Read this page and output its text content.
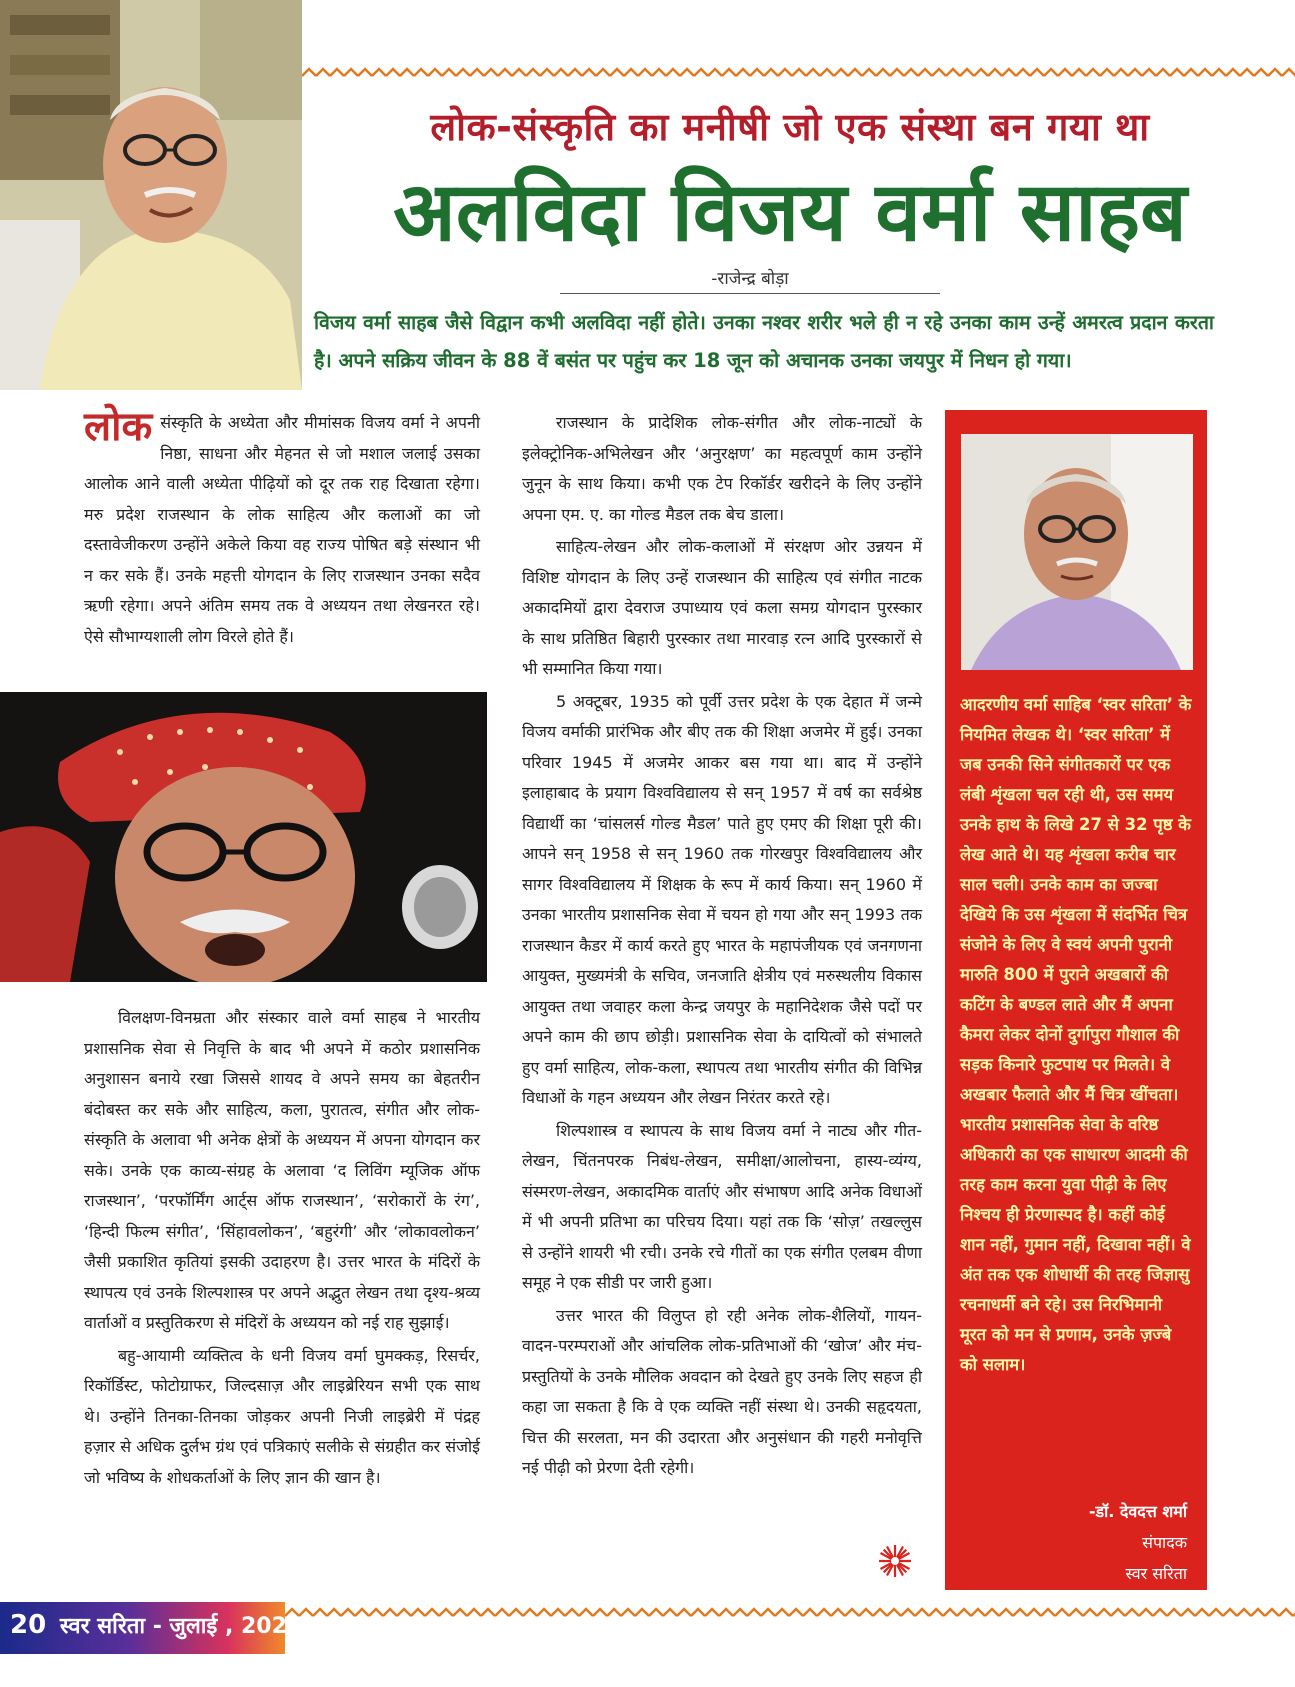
लोक-संस्कृति का मनीषी जो एक संस्था बन गया था
अलविदा विजय वर्मा साहब
-राजेन्द्र बोड़ा
विजय वर्मा साहब जैसे विद्वान कभी अलविदा नहीं होते। उनका नश्वर शरीर भले ही न रहे उनका काम उन्हें अमरत्व प्रदान करता है। अपने सक्रिय जीवन के 88 वें बसंत पर पहुंच कर 18 जून को अचानक उनका जयपुर में निधन हो गया।

लोक संस्कृति के अध्येता और मीमांसक विजय वर्मा ने अपनी निष्ठा, साधना और मेहनत से जो मशाल जलाई उसका आलोक आने वाली अध्येता पीढ़ियों को दूर तक राह दिखाता रहेगा। मरु प्रदेश राजस्थान के लोक साहित्य और कलाओं का जो दस्तावेजीकरण उन्होंने अकेले किया वह राज्य पोषित बड़े संस्थान भी न कर सके हैं। उनके महत्ती योगदान के लिए राजस्थान उनका सदैव ऋणी रहेगा। अपने अंतिम समय तक वे अध्ययन तथा लेखनरत रहे। ऐसे सौभाग्यशाली लोग विरले होते हैं।

विलक्षण-विनम्रता और संस्कार वाले वर्मा साहब ने भारतीय प्रशासनिक सेवा से निवृत्ति के बाद भी अपने में कठोर प्रशासनिक अनुशासन बनाये रखा जिससे शायद वे अपने समय का बेहतरीन बंदोबस्त कर सके और साहित्य, कला, पुरातत्व, संगीत और लोक-संस्कृति के अलावा भी अनेक क्षेत्रों के अध्ययन में अपना योगदान कर सके। उनके एक काव्य-संग्रह के अलावा ‘द लिविंग म्यूजिक ऑफ राजस्थान’, ‘परफॉर्मिंग आर्ट्स ऑफ राजस्थान’, ‘सरोकारों के रंग’, ‘हिन्दी फिल्म संगीत’, ‘सिंहावलोकन’, ‘बहुरंगी’ और ‘लोकावलोकन’ जैसी प्रकाशित कृतियां इसकी उदाहरण है। उत्तर भारत के मंदिरों के स्थापत्य एवं उनके शिल्पशास्त्र पर अपने अद्भुत लेखन तथा दृश्य-श्रव्य वार्ताओं व प्रस्तुतिकरण से मंदिरों के अध्ययन को नई राह सुझाई।

बहु-आयामी व्यक्तित्व के धनी विजय वर्मा घुमक्कड़, रिसर्चर, रिकॉर्डिस्ट, फोटोग्राफर, जिल्दसाज़ और लाइब्रेरियन सभी एक साथ थे। उन्होंने तिनका-तिनका जोड़कर अपनी निजी लाइब्रेरी में पंद्रह हज़ार से अधिक दुर्लभ ग्रंथ एवं पत्रिकाएं सलीके से संग्रहीत कर संजोई जो भविष्य के शोधकर्ताओं के लिए ज्ञान की खान है।

राजस्थान के प्रादेशिक लोक-संगीत और लोक-नाट्यों के इलेक्ट्रोनिक-अभिलेखन और ‘अनुरक्षण’ का महत्वपूर्ण काम उन्होंने जुनून के साथ किया। कभी एक टेप रिकॉर्डर खरीदने के लिए उन्होंने अपना एम. ए. का गोल्ड मैडल तक बेच डाला।

साहित्य-लेखन और लोक-कलाओं में संरक्षण ओर उन्नयन में विशिष्ट योगदान के लिए उन्हें राजस्थान की साहित्य एवं संगीत नाटक अकादमियों द्वारा देवराज उपाध्याय एवं कला समग्र योगदान पुरस्कार के साथ प्रतिष्ठित बिहारी पुरस्कार तथा मारवाड़ रत्न आदि पुरस्कारों से भी सम्मानित किया गया।

5 अक्टूबर, 1935 को पूर्वी उत्तर प्रदेश के एक देहात में जन्मे विजय वर्माकी प्रारंभिक और बीए तक की शिक्षा अजमेर में हुई। उनका परिवार 1945 में अजमेर आकर बस गया था। बाद में उन्होंने इलाहाबाद के प्रयाग विश्वविद्यालय से सन् 1957 में वर्ष का सर्वश्रेष्ठ विद्यार्थी का ‘चांसलर्स गोल्ड मैडल’ पाते हुए एमए की शिक्षा पूरी की। आपने सन् 1958 से सन् 1960 तक गोरखपुर विश्वविद्यालय और सागर विश्वविद्यालय में शिक्षक के रूप में कार्य किया। सन् 1960 में उनका भारतीय प्रशासनिक सेवा में चयन हो गया और सन् 1993 तक राजस्थान कैडर में कार्य करते हुए भारत के महापंजीयक एवं जनगणना आयुक्त, मुख्यमंत्री के सचिव, जनजाति क्षेत्रीय एवं मरुस्थलीय विकास आयुक्त तथा जवाहर कला केन्द्र जयपुर के महानिदेशक जैसे पदों पर अपने काम की छाप छोड़ी। प्रशासनिक सेवा के दायित्वों को संभालते हुए वर्मा साहित्य, लोक-कला, स्थापत्य तथा भारतीय संगीत की विभिन्न विधाओं के गहन अध्ययन और लेखन निरंतर करते रहे।

शिल्पशास्त्र व स्थापत्य के साथ विजय वर्मा ने नाट्य और गीत-लेखन, चिंतनपरक निबंध-लेखन, समीक्षा/आलोचना, हास्य-व्यंग्य, संस्मरण-लेखन, अकादमिक वार्ताएं और संभाषण आदि अनेक विधाओं में भी अपनी प्रतिभा का परिचय दिया। यहां तक कि ‘सोज़’ तखल्लुस से उन्होंने शायरी भी रची। उनके रचे गीतों का एक संगीत एलबम वीणा समूह ने एक सीडी पर जारी हुआ।

उत्तर भारत की विलुप्त हो रही अनेक लोक-शैलियों, गायन-वादन-परम्पराओं और आंचलिक लोक-प्रतिभाओं की ‘खोज’ और मंच-प्रस्तुतियों के उनके मौलिक अवदान को देखते हुए उनके लिए सहज ही कहा जा सकता है कि वे एक व्यक्ति नहीं संस्था थे। उनकी सहृदयता, चित्त की सरलता, मन की उदारता और अनुसंधान की गहरी मनोवृत्ति नई पीढ़ी को प्रेरणा देती रहेगी।

आदरणीय वर्मा साहिब ‘स्वर सरिता’ के नियमित लेखक थे। ‘स्वर सरिता’ में जब उनकी सिने संगीतकारों पर एक लंबी शृंखला चल रही थी, उस समय उनके हाथ के लिखे 27 से 32 पृष्ठ के लेख आते थे। यह शृंखला करीब चार साल चली। उनके काम का जज्बा देखिये कि उस शृंखला में संदर्भित चित्र संजोने के लिए वे स्वयं अपनी पुरानी मारुति 800 में पुराने अखबारों की कटिंग के बण्डल लाते और मैं अपना कैमरा लेकर दोनों दुर्गापुरा गौशाल की सड़क किनारे फुटपाथ पर मिलते। वे अखबार फैलाते और मैं चित्र खींचता। भारतीय प्रशासनिक सेवा के वरिष्ठ अधिकारी का एक साधारण आदमी की तरह काम करना युवा पीढ़ी के लिए निश्चय ही प्रेरणास्पद है। कहीं कोई शान नहीं, गुमान नहीं, दिखावा नहीं। वे अंत तक एक शोधार्थी की तरह जिज्ञासु रचनाधर्मी बने रहे। उस निरभिमानी मूरत को मन से प्रणाम, उनके ज़ज्बे को सलाम।
-डॉ. देवदत्त शर्मा
संपादक
स्वर सरिता
20 स्वर सरिता - जुलाई , 2024
